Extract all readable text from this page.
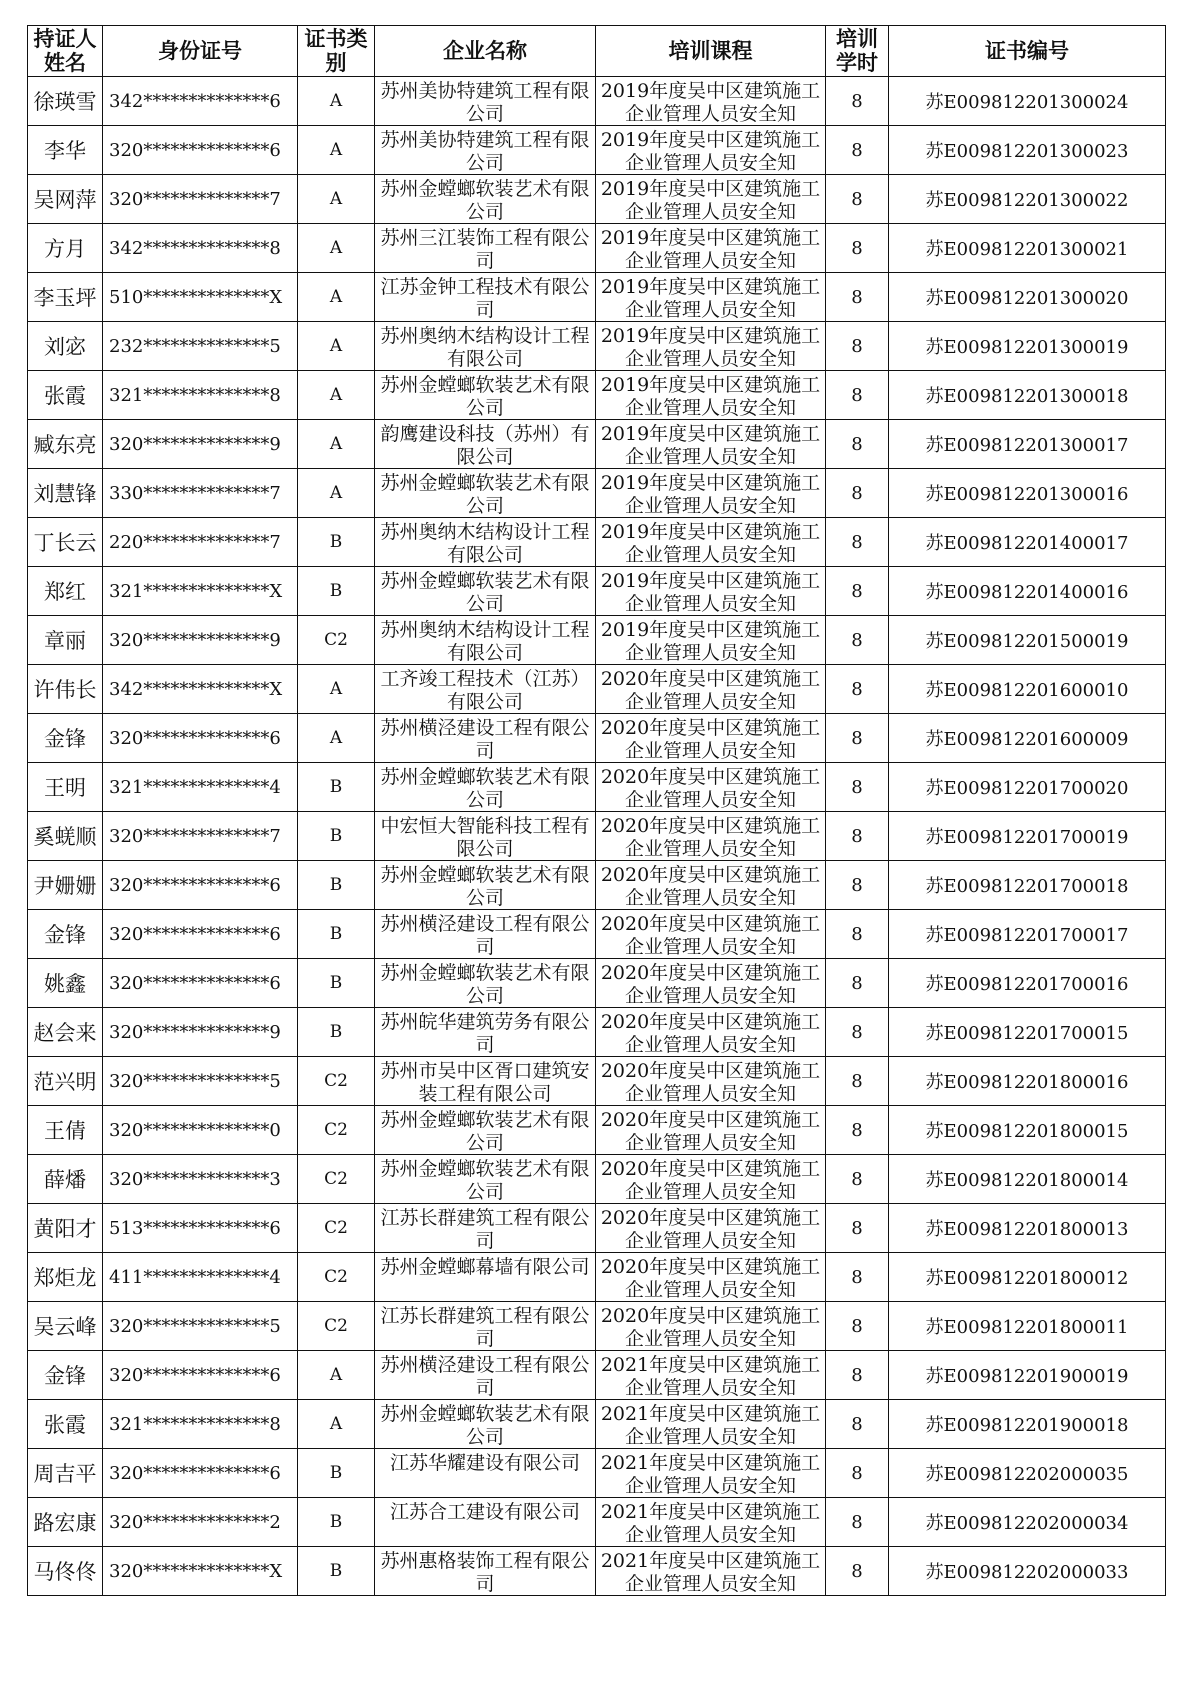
持证人姓名	身份证号	证书类别	企业名称	培训课程	培训学时	证书编号
徐瑛雪	342**************6	A	苏州美协特建筑工程有限公司	2019年度吴中区建筑施工企业管理人员安全知	8	苏E009812201300024
李华	320**************6	A	苏州美协特建筑工程有限公司	2019年度吴中区建筑施工企业管理人员安全知	8	苏E009812201300023
吴网萍	320**************7	A	苏州金螳螂软装艺术有限公司	2019年度吴中区建筑施工企业管理人员安全知	8	苏E009812201300022
方月	342**************8	A	苏州三江装饰工程有限公司	2019年度吴中区建筑施工企业管理人员安全知	8	苏E009812201300021
李玉坪	510**************X	A	江苏金钟工程技术有限公司	2019年度吴中区建筑施工企业管理人员安全知	8	苏E009812201300020
刘宓	232**************5	A	苏州奥纳木结构设计工程有限公司	2019年度吴中区建筑施工企业管理人员安全知	8	苏E009812201300019
张霞	321**************8	A	苏州金螳螂软装艺术有限公司	2019年度吴中区建筑施工企业管理人员安全知	8	苏E009812201300018
臧东亮	320**************9	A	韵鹰建设科技（苏州）有限公司	2019年度吴中区建筑施工企业管理人员安全知	8	苏E009812201300017
刘慧锋	330**************7	A	苏州金螳螂软装艺术有限公司	2019年度吴中区建筑施工企业管理人员安全知	8	苏E009812201300016
丁长云	220**************7	B	苏州奥纳木结构设计工程有限公司	2019年度吴中区建筑施工企业管理人员安全知	8	苏E009812201400017
郑红	321**************X	B	苏州金螳螂软装艺术有限公司	2019年度吴中区建筑施工企业管理人员安全知	8	苏E009812201400016
章丽	320**************9	C2	苏州奥纳木结构设计工程有限公司	2019年度吴中区建筑施工企业管理人员安全知	8	苏E009812201500019
许伟长	342**************X	A	工齐竣工程技术（江苏）有限公司	2020年度吴中区建筑施工企业管理人员安全知	8	苏E009812201600010
金锋	320**************6	A	苏州横泾建设工程有限公司	2020年度吴中区建筑施工企业管理人员安全知	8	苏E009812201600009
王明	321**************4	B	苏州金螳螂软装艺术有限公司	2020年度吴中区建筑施工企业管理人员安全知	8	苏E009812201700020
奚蜣顺	320**************7	B	中宏恒大智能科技工程有限公司	2020年度吴中区建筑施工企业管理人员安全知	8	苏E009812201700019
尹姗姗	320**************6	B	苏州金螳螂软装艺术有限公司	2020年度吴中区建筑施工企业管理人员安全知	8	苏E009812201700018
金锋	320**************6	B	苏州横泾建设工程有限公司	2020年度吴中区建筑施工企业管理人员安全知	8	苏E009812201700017
姚鑫	320**************6	B	苏州金螳螂软装艺术有限公司	2020年度吴中区建筑施工企业管理人员安全知	8	苏E009812201700016
赵会来	320**************9	B	苏州皖华建筑劳务有限公司	2020年度吴中区建筑施工企业管理人员安全知	8	苏E009812201700015
范兴明	320**************5	C2	苏州市吴中区胥口建筑安装工程有限公司	2020年度吴中区建筑施工企业管理人员安全知	8	苏E009812201800016
王倩	320**************0	C2	苏州金螳螂软装艺术有限公司	2020年度吴中区建筑施工企业管理人员安全知	8	苏E009812201800015
薛燔	320**************3	C2	苏州金螳螂软装艺术有限公司	2020年度吴中区建筑施工企业管理人员安全知	8	苏E009812201800014
黄阳才	513**************6	C2	江苏长群建筑工程有限公司	2020年度吴中区建筑施工企业管理人员安全知	8	苏E009812201800013
郑炬龙	411**************4	C2	苏州金螳螂幕墙有限公司	2020年度吴中区建筑施工企业管理人员安全知	8	苏E009812201800012
吴云峰	320**************5	C2	江苏长群建筑工程有限公司	2020年度吴中区建筑施工企业管理人员安全知	8	苏E009812201800011
金锋	320**************6	A	苏州横泾建设工程有限公司	2021年度吴中区建筑施工企业管理人员安全知	8	苏E009812201900019
张霞	321**************8	A	苏州金螳螂软装艺术有限公司	2021年度吴中区建筑施工企业管理人员安全知	8	苏E009812201900018
周吉平	320**************6	B	江苏华耀建设有限公司	2021年度吴中区建筑施工企业管理人员安全知	8	苏E009812202000035
路宏康	320**************2	B	江苏合工建设有限公司	2021年度吴中区建筑施工企业管理人员安全知	8	苏E009812202000034
马佟佟	320**************X	B	苏州惠格装饰工程有限公司	2021年度吴中区建筑施工企业管理人员安全知	8	苏E009812202000033
